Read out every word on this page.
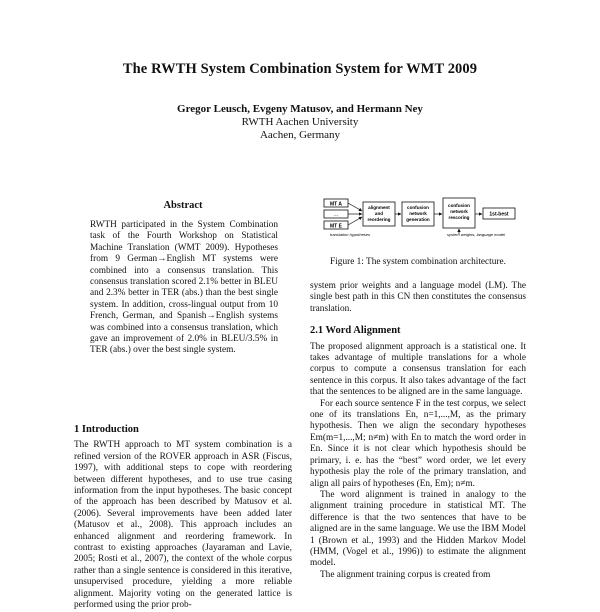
The RWTH System Combination System for WMT 2009
Gregor Leusch, Evgeny Matusov, and Hermann Ney
RWTH Aachen University
Aachen, Germany
Abstract
RWTH participated in the System Combination task of the Fourth Workshop on Statistical Machine Translation (WMT 2009). Hypotheses from 9 German→English MT systems were combined into a consensus translation. This consensus translation scored 2.1% better in BLEU and 2.3% better in TER (abs.) than the best single system. In addition, cross-lingual output from 10 French, German, and Spanish→English systems was combined into a consensus translation, which gave an improvement of 2.0% in BLEU/3.5% in TER (abs.) over the best single system.
1 Introduction

The RWTH approach to MT system combination is a refined version of the ROVER approach in ASR (Fiscus, 1997), with additional steps to cope with reordering between different hypotheses, and to use true casing information from the input hypotheses. The basic concept of the approach has been described by Matusov et al. (2006). Several improvements have been added later (Matusov et al., 2008). This approach includes an enhanced alignment and reordering framework. In contrast to existing approaches (Jayaraman and Lavie, 2005; Rosti et al., 2007), the context of the whole corpus rather than a single sentence is considered in this iterative, unsupervised procedure, yielding a more reliable alignment. Majority voting on the generated lattice is performed using the prior prob-

MT A
...
MT E
translation hypotheses
alignment
and
reordering
confusion
network
generation
confusion
network
rescoring
system weights, language model
1st-best
Figure 1: The system combination architecture.

system prior weights and a language model (LM). The single best path in this CN then constitutes the consensus translation.

2.1 Word Alignment

The proposed alignment approach is a statistical one. It takes advantage of multiple translations for a whole corpus to compute a consensus translation for each sentence in this corpus. It also takes advantage of the fact that the sentences to be aligned are in the same language.

For each source sentence F in the test corpus, we select one of its translations En, n=1,...,M, as the primary hypothesis. Then we align the secondary hypotheses Em(m=1,...,M; n≠m) with En to match the word order in En. Since it is not clear which hypothesis should be primary, i. e. has the “best” word order, we let every hypothesis play the role of the primary translation, and align all pairs of hypotheses (En, Em); n≠m.

The word alignment is trained in analogy to the alignment training procedure in statistical MT. The difference is that the two sentences that have to be aligned are in the same language. We use the IBM Model 1 (Brown et al., 1993) and the Hidden Markov Model (HMM, (Vogel et al., 1996)) to estimate the alignment model.

The alignment training corpus is created from
